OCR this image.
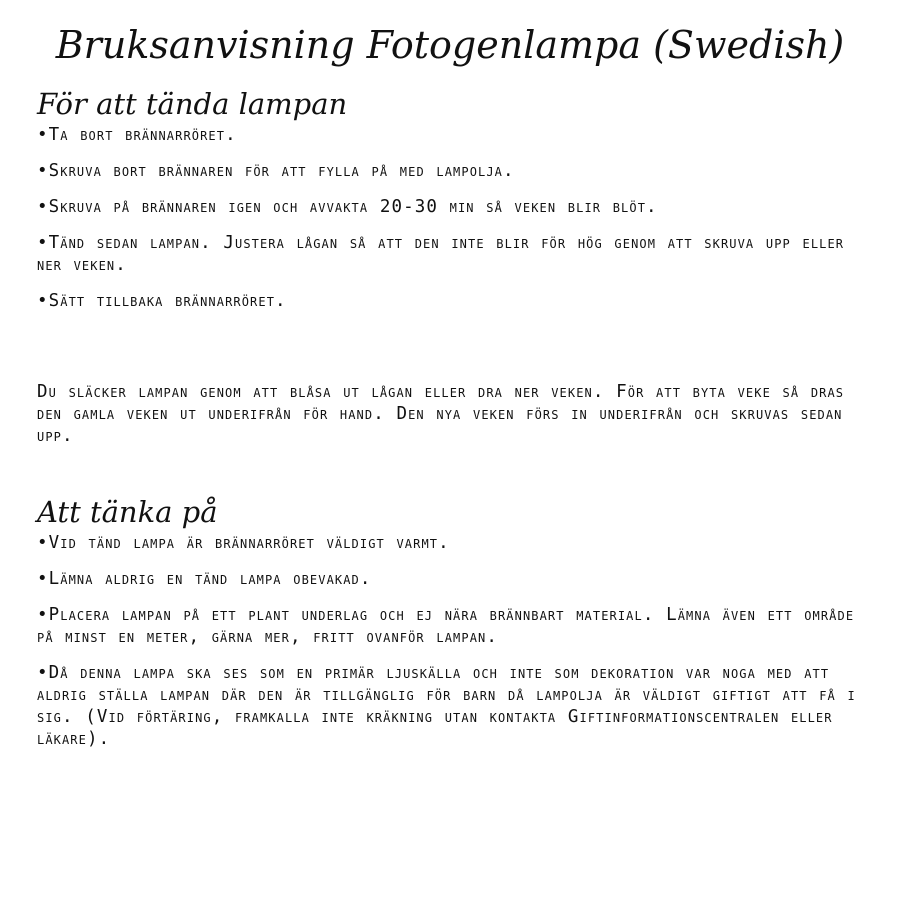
Bruksanvisning Fotogenlampa (Swedish)
För att tända lampan

• Ta bort brännarröret.

• Skruva bort brännaren för att fylla på med lampolja.

• Skruva på brännaren igen och avvakta 20-30 min så veken blir blöt.

• Tänd sedan lampan. Justera lågan så att den inte blir för hög genom att skruva upp eller ner veken.

• Sätt tillbaka brännarröret.

Du släcker lampan genom att blåsa ut lågan eller dra ner veken. För att byta veke så dras den gamla veken ut underifrån för hand. Den nya veken förs in underifrån och skruvas sedan upp.

Att tänka på

• Vid tänd lampa är brännarröret väldigt varmt.

• Lämna aldrig en tänd lampa obevakad.

• Placera lampan på ett plant underlag och ej nära brännbart material. Lämna även ett område på minst en meter, gärna mer, fritt ovanför lampan.

• Då denna lampa ska ses som en primär ljuskälla och inte som dekoration var noga med att aldrig ställa lampan där den är tillgänglig för barn då lampolja är väldigt giftigt att få i sig. (Vid förtäring, framkalla inte kräkning utan kontakta Giftinformationscentralen eller läkare).
